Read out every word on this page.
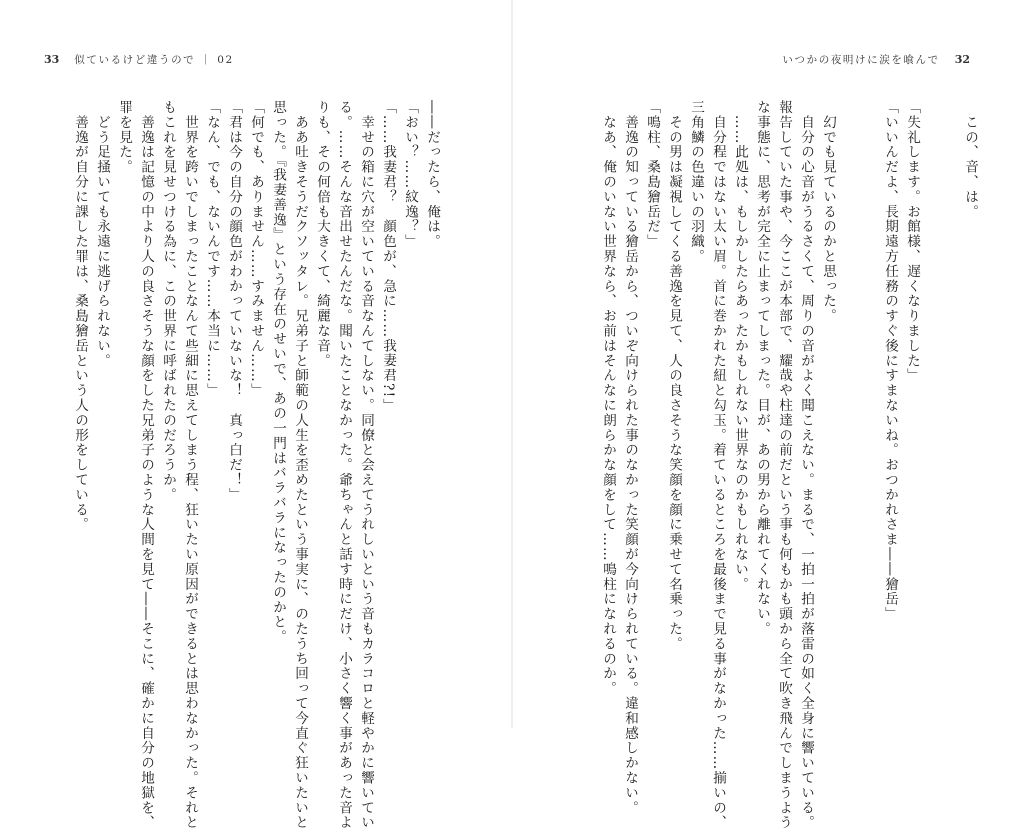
33 似ているけど違うので ｜ 02	いつかの夜明けに涙を喰んで 32
――だったら、俺は。
「おい？……紋逸？」
「……我妻君？　顔色が、急に……我妻君?!」
　幸せの箱に穴が空いている音なんてしない。同僚と会えてうれしいという音もカラコロと軽やかに響いてい
る。……そんな音出せたんだな。聞いたことなかった。爺ちゃんと話す時にだけ、小さく響く事があった音よ
りも、その何倍も大きくて、綺麗な音。
　ああ吐きそうだクソッタレ。兄弟子と師範の人生を歪めたという事実に、のたうち回って今直ぐ狂いたいと
思った。『我妻善逸』という存在のせいで、あの一門はバラバラになったのかと。
「何でも、ありません……すみません……」
「君は今の自分の顔色がわかっていないな！　真っ白だ！」
「なん、でも、ないんです……本当に……」
　世界を跨いでしまったことなんて些細に思えてしまう程、狂いたい原因ができるとは思わなかった。それと
もこれを見せつける為に、この世界に呼ばれたのだろうか。
　善逸は記憶の中より人の良さそうな顔をした兄弟子のような人間を見て――そこに、確かに自分の地獄を、
罪を見た。
　どう足掻いても永遠に逃げられない。
　善逸が自分に課した罪は、桑島獪岳という人の形をしている。	　この、音、は。
「失礼します。お館様、遅くなりました」
「いいんだよ、長期遠方任務のすぐ後にすまないね。おつかれさま――獪岳」
　幻でも見ているのかと思った。
　自分の心音がうるさくて、周りの音がよく聞こえない。まるで、一拍一拍が落雷の如く全身に響いている。
報告していた事や、今ここが本部で、耀哉や柱達の前だという事も何もかも頭から全て吹き飛んでしまうよう
な事態に、思考が完全に止まってしまった。目が、あの男から離れてくれない。
　……此処は、もしかしたらあったかもしれない世界なのかもしれない。
　自分程ではない太い眉。首に巻かれた紐と勾玉。着ているところを最後まで見る事がなかった……揃いの、
三角鱗の色違いの羽織。
　その男は凝視してくる善逸を見て、人の良さそうな笑顔を顔に乗せて名乗った。
「鳴柱、桑島獪岳だ」
　善逸の知っている獪岳から、ついぞ向けられた事のなかった笑顔が今向けられている。違和感しかない。
　なあ、俺のいない世界なら、お前はそんなに朗らかな顔をして……鳴柱になれるのか。
